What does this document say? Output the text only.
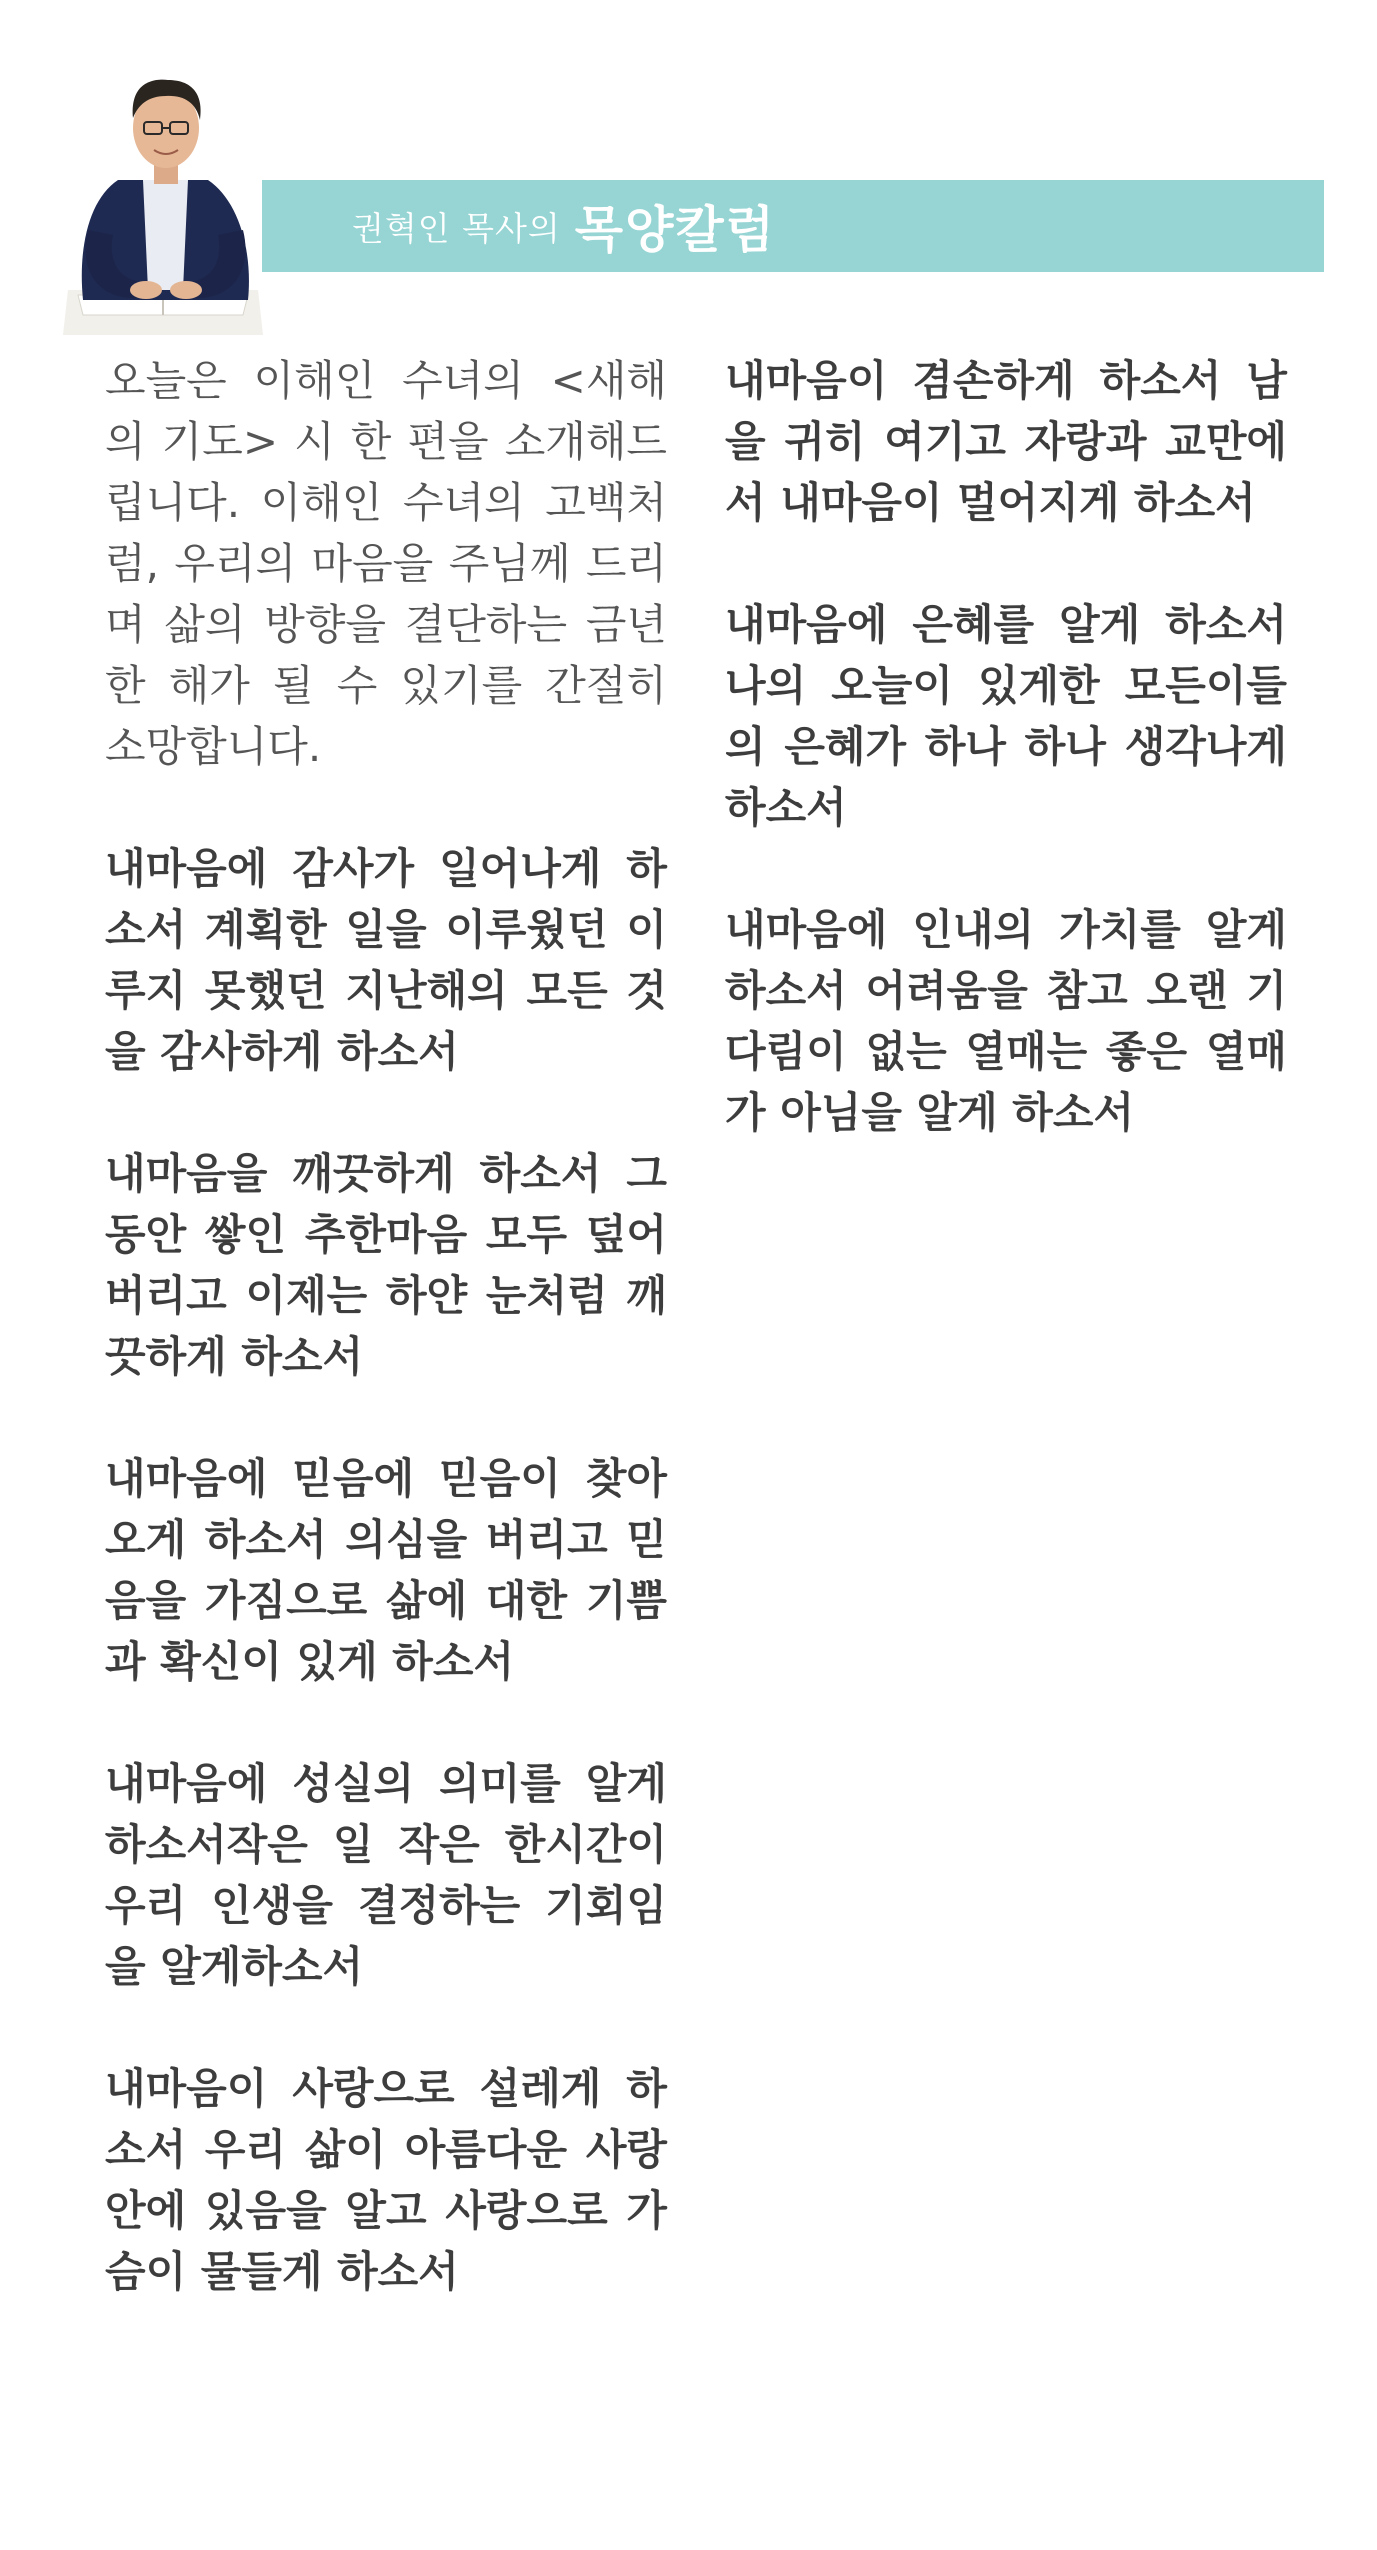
권혁인 목사의 목양칼럼

오늘은 이해인 수녀의 <새해의 기도> 시 한 편을 소개해드립니다. 이해인 수녀의 고백처럼, 우리의 마음을 주님께 드리며 삶의 방향을 결단하는 금년 한 해가 될 수 있기를 간절히 소망합니다.

내마음에 감사가 일어나게 하소서 계획한 일을 이루웠던 이루지 못했던 지난해의 모든 것을 감사하게 하소서

내마음을 깨끗하게 하소서 그동안 쌓인 추한마음 모두 덮어버리고 이제는 하얀 눈처럼 깨끗하게 하소서

내마음에 믿음에 믿음이 찾아오게 하소서 의심을 버리고 믿음을 가짐으로 삶에 대한 기쁨과 확신이 있게 하소서

내마음에 성실의 의미를 알게 하소서작은 일 작은 한시간이 우리 인생을 결정하는 기회임을 알게하소서

내마음이 사랑으로 설레게 하소서 우리 삶이 아름다운 사랑안에 있음을 알고 사랑으로 가슴이 물들게 하소서

내마음이 겸손하게 하소서 남을 귀히 여기고 자랑과 교만에서 내마음이 멀어지게 하소서

내마음에 은혜를 알게 하소서 나의 오늘이 있게한 모든이들의 은혜가 하나 하나 생각나게 하소서

내마음에 인내의 가치를 알게 하소서 어려움을 참고 오랜 기다림이 없는 열매는 좋은 열매가 아님을 알게 하소서
